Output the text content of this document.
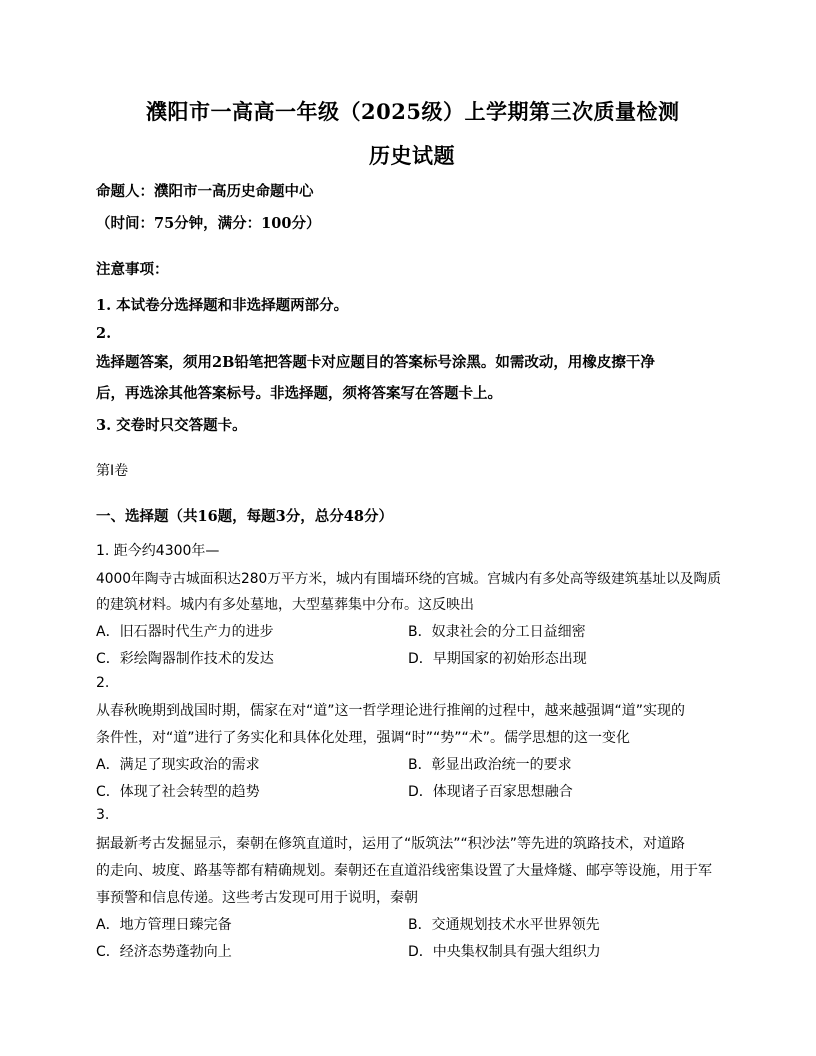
濮阳市一高高一年级（2025级）上学期第三次质量检测
历史试题
命题人：濮阳市一高历史命题中心
（时间：75分钟，满分：100分）
注意事项：
1. 本试卷分选择题和非选择题两部分。
2.
选择题答案，须用2B铅笔把答题卡对应题目的答案标号涂黑。如需改动，用橡皮擦干净
后，再选涂其他答案标号。非选择题，须将答案写在答题卡上。
3. 交卷时只交答题卡。
第I卷
一、选择题（共16题，每题3分，总分48分）
1. 距今约4300年—
4000年陶寺古城面积达280万平方米，城内有围墙环绕的宫城。宫城内有多处高等级建筑基址以及陶质
的建筑材料。城内有多处墓地，大型墓葬集中分布。这反映出
A．旧石器时代生产力的进步	B．奴隶社会的分工日益细密
C．彩绘陶器制作技术的发达	D．早期国家的初始形态出现
2.
从春秋晚期到战国时期，儒家在对“道”这一哲学理论进行推阐的过程中，越来越强调“道”实现的
条件性，对“道”进行了务实化和具体化处理，强调“时”“势”“术”。儒学思想的这一变化
A．满足了现实政治的需求	B．彰显出政治统一的要求
C．体现了社会转型的趋势	D．体现诸子百家思想融合
3.
据最新考古发掘显示，秦朝在修筑直道时，运用了“版筑法”“积沙法”等先进的筑路技术，对道路
的走向、坡度、路基等都有精确规划。秦朝还在直道沿线密集设置了大量烽燧、邮亭等设施，用于军
事预警和信息传递。这些考古发现可用于说明，秦朝
A．地方管理日臻完备	B．交通规划技术水平世界领先
C．经济态势蓬勃向上	D．中央集权制具有强大组织力
